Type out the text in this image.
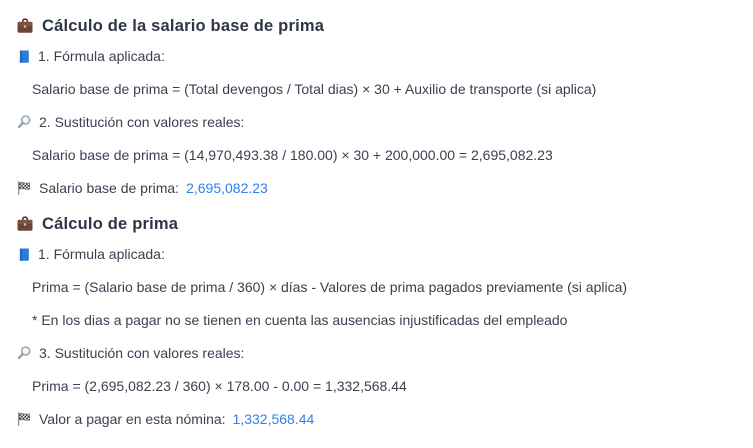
Cálculo de la salario base de prima
1. Fórmula aplicada:
Salario base de prima = (Total devengos / Total dias) × 30 + Auxilio de transporte (si aplica)
2. Sustitución con valores reales:
Salario base de prima = (14,970,493.38 / 180.00) × 30 + 200,000.00 = 2,695,082.23
Salario base de prima: 2,695,082.23
Cálculo de prima
1. Fórmula aplicada:
Prima = (Salario base de prima / 360) × días - Valores de prima pagados previamente (si aplica)
* En los dias a pagar no se tienen en cuenta las ausencias injustificadas del empleado
3. Sustitución con valores reales:
Prima = (2,695,082.23 / 360) × 178.00 - 0.00 = 1,332,568.44
Valor a pagar en esta nómina: 1,332,568.44
